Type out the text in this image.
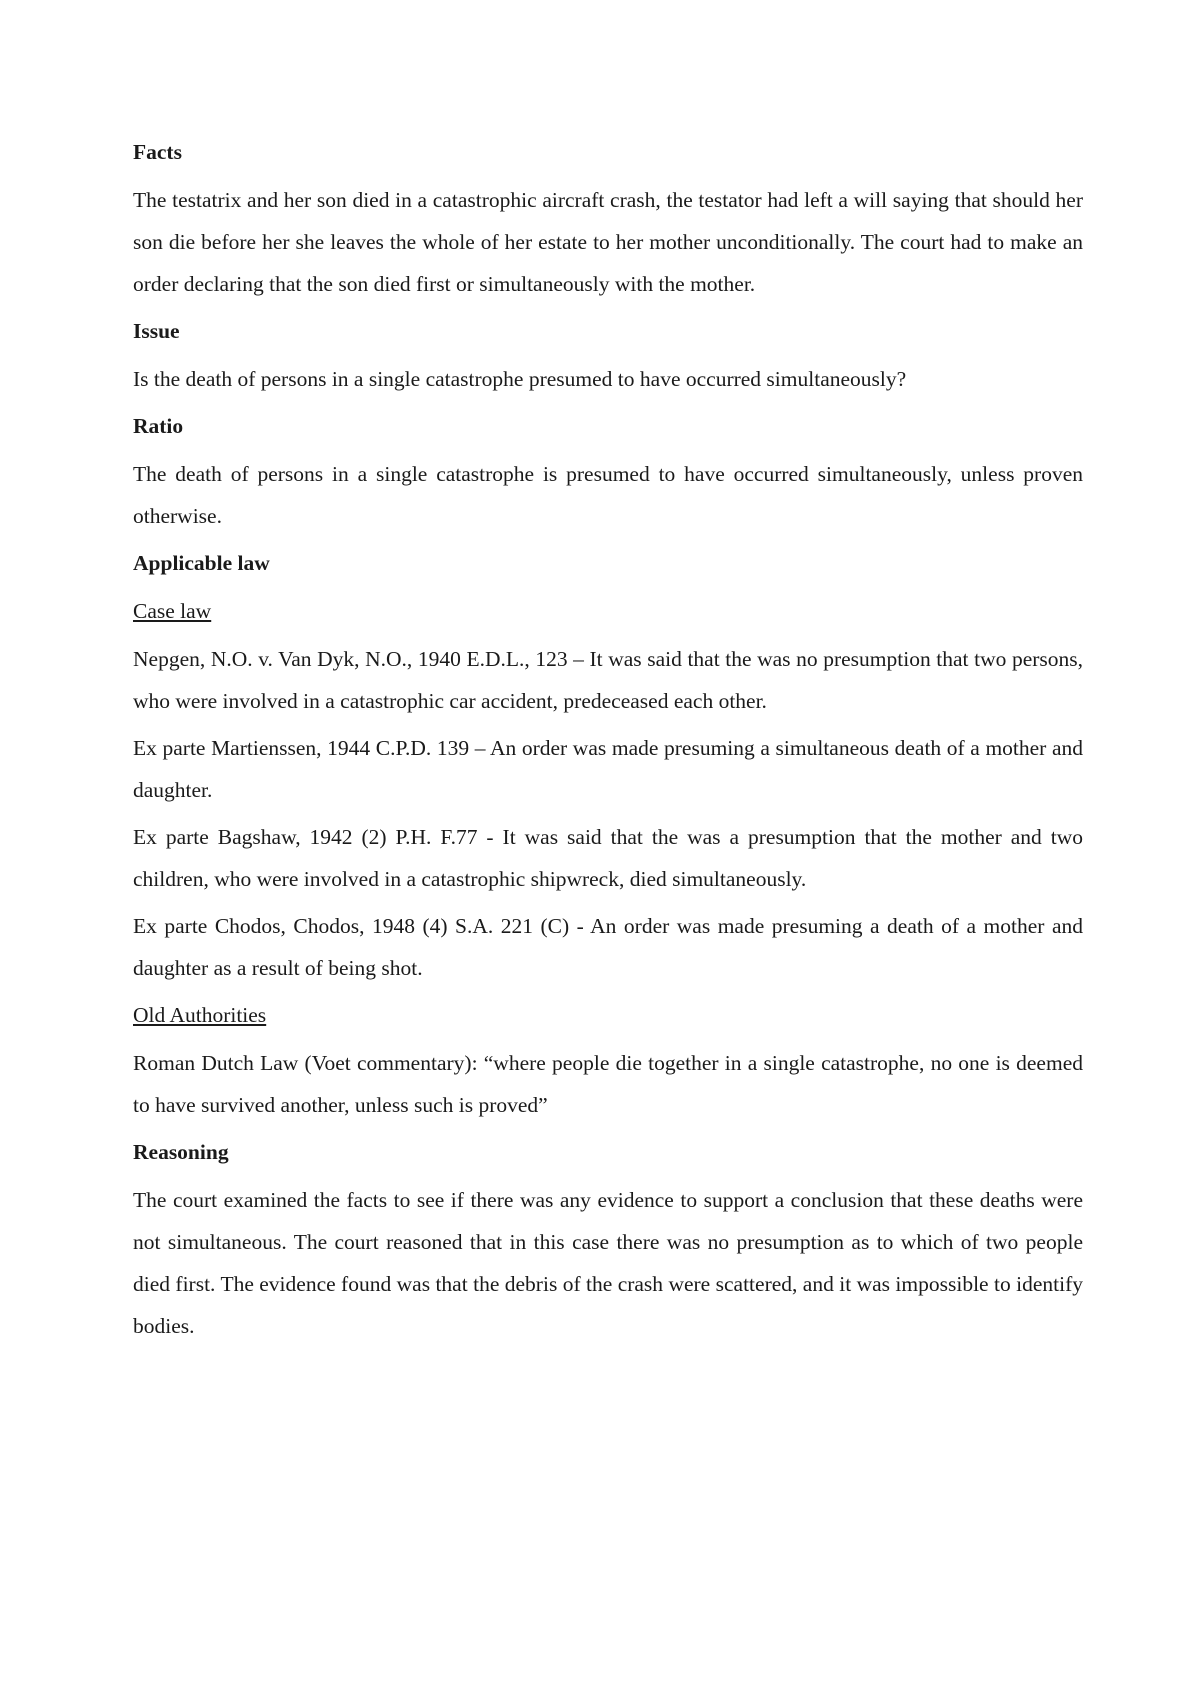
Facts
The testatrix and her son died in a catastrophic aircraft crash, the testator had left a will saying that should her son die before her she leaves the whole of her estate to her mother unconditionally. The court had to make an order declaring that the son died first or simultaneously with the mother.
Issue
Is the death of persons in a single catastrophe presumed to have occurred simultaneously?
Ratio
The death of persons in a single catastrophe is presumed to have occurred simultaneously, unless proven otherwise.
Applicable law
Case law
Nepgen, N.O. v. Van Dyk, N.O., 1940 E.D.L., 123 – It was said that the was no presumption that two persons, who were involved in a catastrophic car accident, predeceased each other.
Ex parte Martienssen, 1944 C.P.D. 139 – An order was made presuming a simultaneous death of a mother and daughter.
Ex parte Bagshaw, 1942 (2) P.H. F.77 - It was said that the was a presumption that the mother and two children, who were involved in a catastrophic shipwreck, died simultaneously.
Ex parte Chodos, Chodos, 1948 (4) S.A. 221 (C) - An order was made presuming a death of a mother and daughter as a result of being shot.
Old Authorities
Roman Dutch Law (Voet commentary): “where people die together in a single catastrophe, no one is deemed to have survived another, unless such is proved”
Reasoning
The court examined the facts to see if there was any evidence to support a conclusion that these deaths were not simultaneous. The court reasoned that in this case there was no presumption as to which of two people died first. The evidence found was that the debris of the crash were scattered, and it was impossible to identify bodies.
